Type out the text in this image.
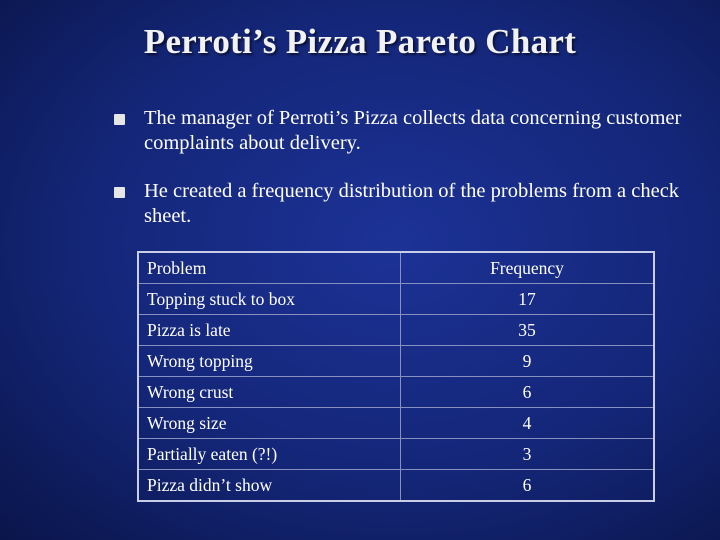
Perroti’s Pizza Pareto Chart
The manager of Perroti’s Pizza collects data concerning customer complaints about delivery.
He created a frequency distribution of the problems from a check sheet.
Problem	Frequency
Topping stuck to box	17
Pizza is late	35
Wrong topping	9
Wrong crust	6
Wrong size	4
Partially eaten (?!)	3
Pizza didn’t show	6
